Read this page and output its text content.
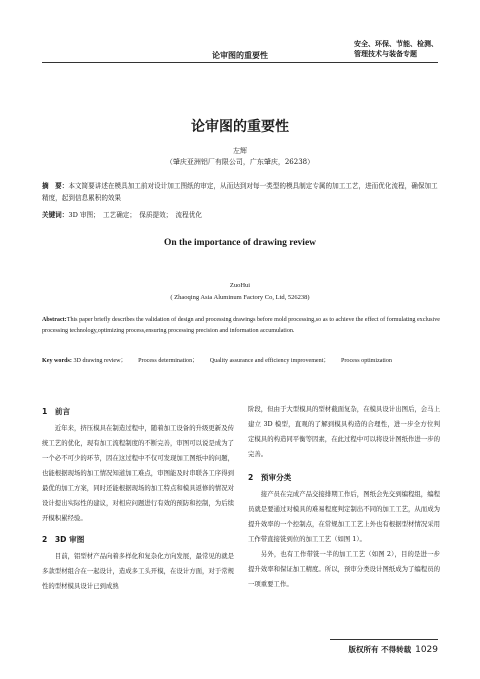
论审图的重要性
安全、环保、节能、检测、
管理技术与装备专题
论审图的重要性
左辉
（肇庆亚洲铝厂有限公司，广东肇庆，26238）
摘　要：本文简要讲述在模具加工前对设计加工图纸的审定，从而达到对每一类型的模具制定专属的加工工艺，进而优化流程，确保加工精度，起到信息累积的效果
关键词：3D 审图；　工艺确定；　保质提效；　流程优化
On the importance of drawing review
ZuoHui
( Zhaoqing Asia Aluminum Factory Co, Ltd, 526238)
Abstract:This paper briefly describes the validation of design and processing drawings before mold processing,so as to achieve the effect of formulating exclusive processing technology,optimizing process,ensuring processing precision and information accumulation.
Key words: 3D drawing review； Process determination； Quality assurance and efficiency improvement； Process optimization
1　前言

近年来，挤压模具在制造过程中，随着加工设备的升级更新及传统工艺的优化，现有加工流程制度的不断完善，审图可以说是成为了一个必不可少的环节，因在这过程中不仅可发现加工图纸中的问题，也能根据现场的加工情况知道加工难点，审图能及时串联各工序得到最优的加工方案，同时还能根据现场的加工特点和模具返修的情况对设计提出实际性的建议，对相应问题进行有效的预防和控制，为后续开模积累经验。

2　3D 审图

目前，铝型材产品向着多样化和复杂化方向发展，最常见的就是多款型材组合在一起设计，造成多工头开模，在设计方面，对于常规性的型材模具设计已到成熟

阶段，但由于大型模具的型材截面复杂，在模具设计出图后，会马上建立 3D 模型，直观的了解到模具构造的合理性，进一步全方位判定模具的构造同平衡等因素，在此过程中可以将设计图纸作进一步的完善。

2　预审分类

接产员在完成产品交接排期工作后，图纸会先交到编程组，编程员就是要通过对模具的难易程度判定制出不同的加工工艺，从而成为提升效率的一个控制点，在常规加工工艺上外也有根据型材情况采用工作带直接铣到位的加工工艺（如图 1）。

另外，也有工作带铣一半的加工工艺（如图 2），目的是进一步提升效率和保证加工精度。所以，预审分类设计图纸成为了编程员的一项重要工作。

版权所有 不得转载 1029
